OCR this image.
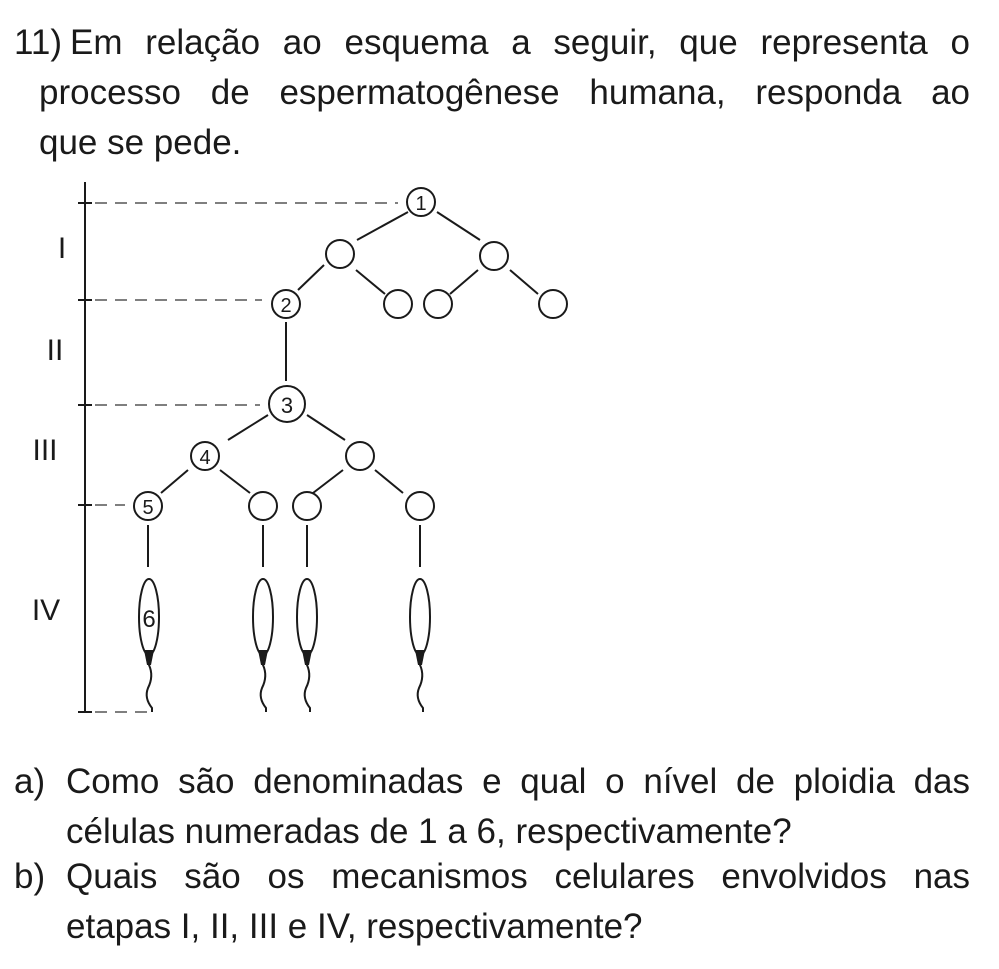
11) Em relação ao esquema a seguir, que representa o
processo de espermatogênese humana, responda ao
que se pede.
I
II
III
IV
1
2
3
4
5
6
a) Como são denominadas e qual o nível de ploidia das
células numeradas de 1 a 6, respectivamente?
b) Quais são os mecanismos celulares envolvidos nas
etapas I, II, III e IV, respectivamente?
